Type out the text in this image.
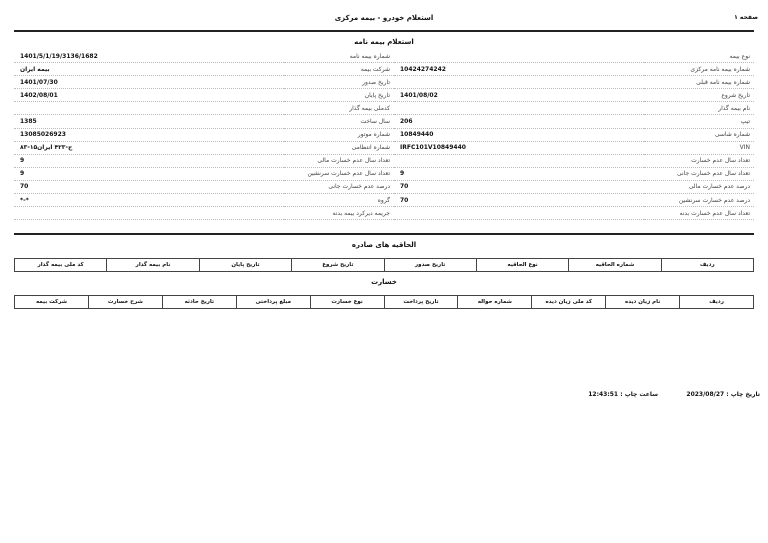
استعلام خودرو - بیمه مرکزی	صفحه ۱
استعلام بیمه نامه
نوع بیمه		شماره بیمه نامه	1401/5/1/19/3136/1682
شماره بیمه نامه مرکزی	10424274242	شرکت بیمه	بیمه ایران
شماره بیمه نامه قبلی		تاریخ صدور	1401/07/30
تاریخ شروع	1401/08/02	تاریخ پایان	1402/08/01
نام بیمه گذار		کدملی بیمه گذار	
تیپ	206	سال ساخت	1385
شماره شاسی	10849440	شماره موتور	13085026923
VIN	IRFC101V10849440	شماره انتظامی	۸۳-ج-۴۲۳ ایران۱۵
تعداد سال عدم خسارت		تعداد سال عدم خسارت مالی	9
تعداد سال عدم خسارت جانی	9	تعداد سال عدم خسارت سرنشین	9
درصد عدم خسارت مالی	70	درصد عدم خسارت جانی	70
درصد عدم خسارت سرنشین	70	گروه	*-*
تعداد سال عدم خسارت بدنه		جریمه دیرکرد بیمه بدنه	
الحاقیه های صادره
ردیف	شماره الحاقیه	نوع الحاقیه	تاریخ صدور	تاریخ شروع	تاریخ پایان	نام بیمه گذار	کد ملی بیمه گذار
خسارت
ردیف	نام زیان دیده	کد ملی زیان دیده	شماره حواله	تاریخ پرداخت	نوع خسارت	مبلغ پرداختی	تاریخ حادثه	شرح خسارت	شرکت بیمه
تاریخ چاپ : 2023/08/27
ساعت چاپ : 12:43:51
